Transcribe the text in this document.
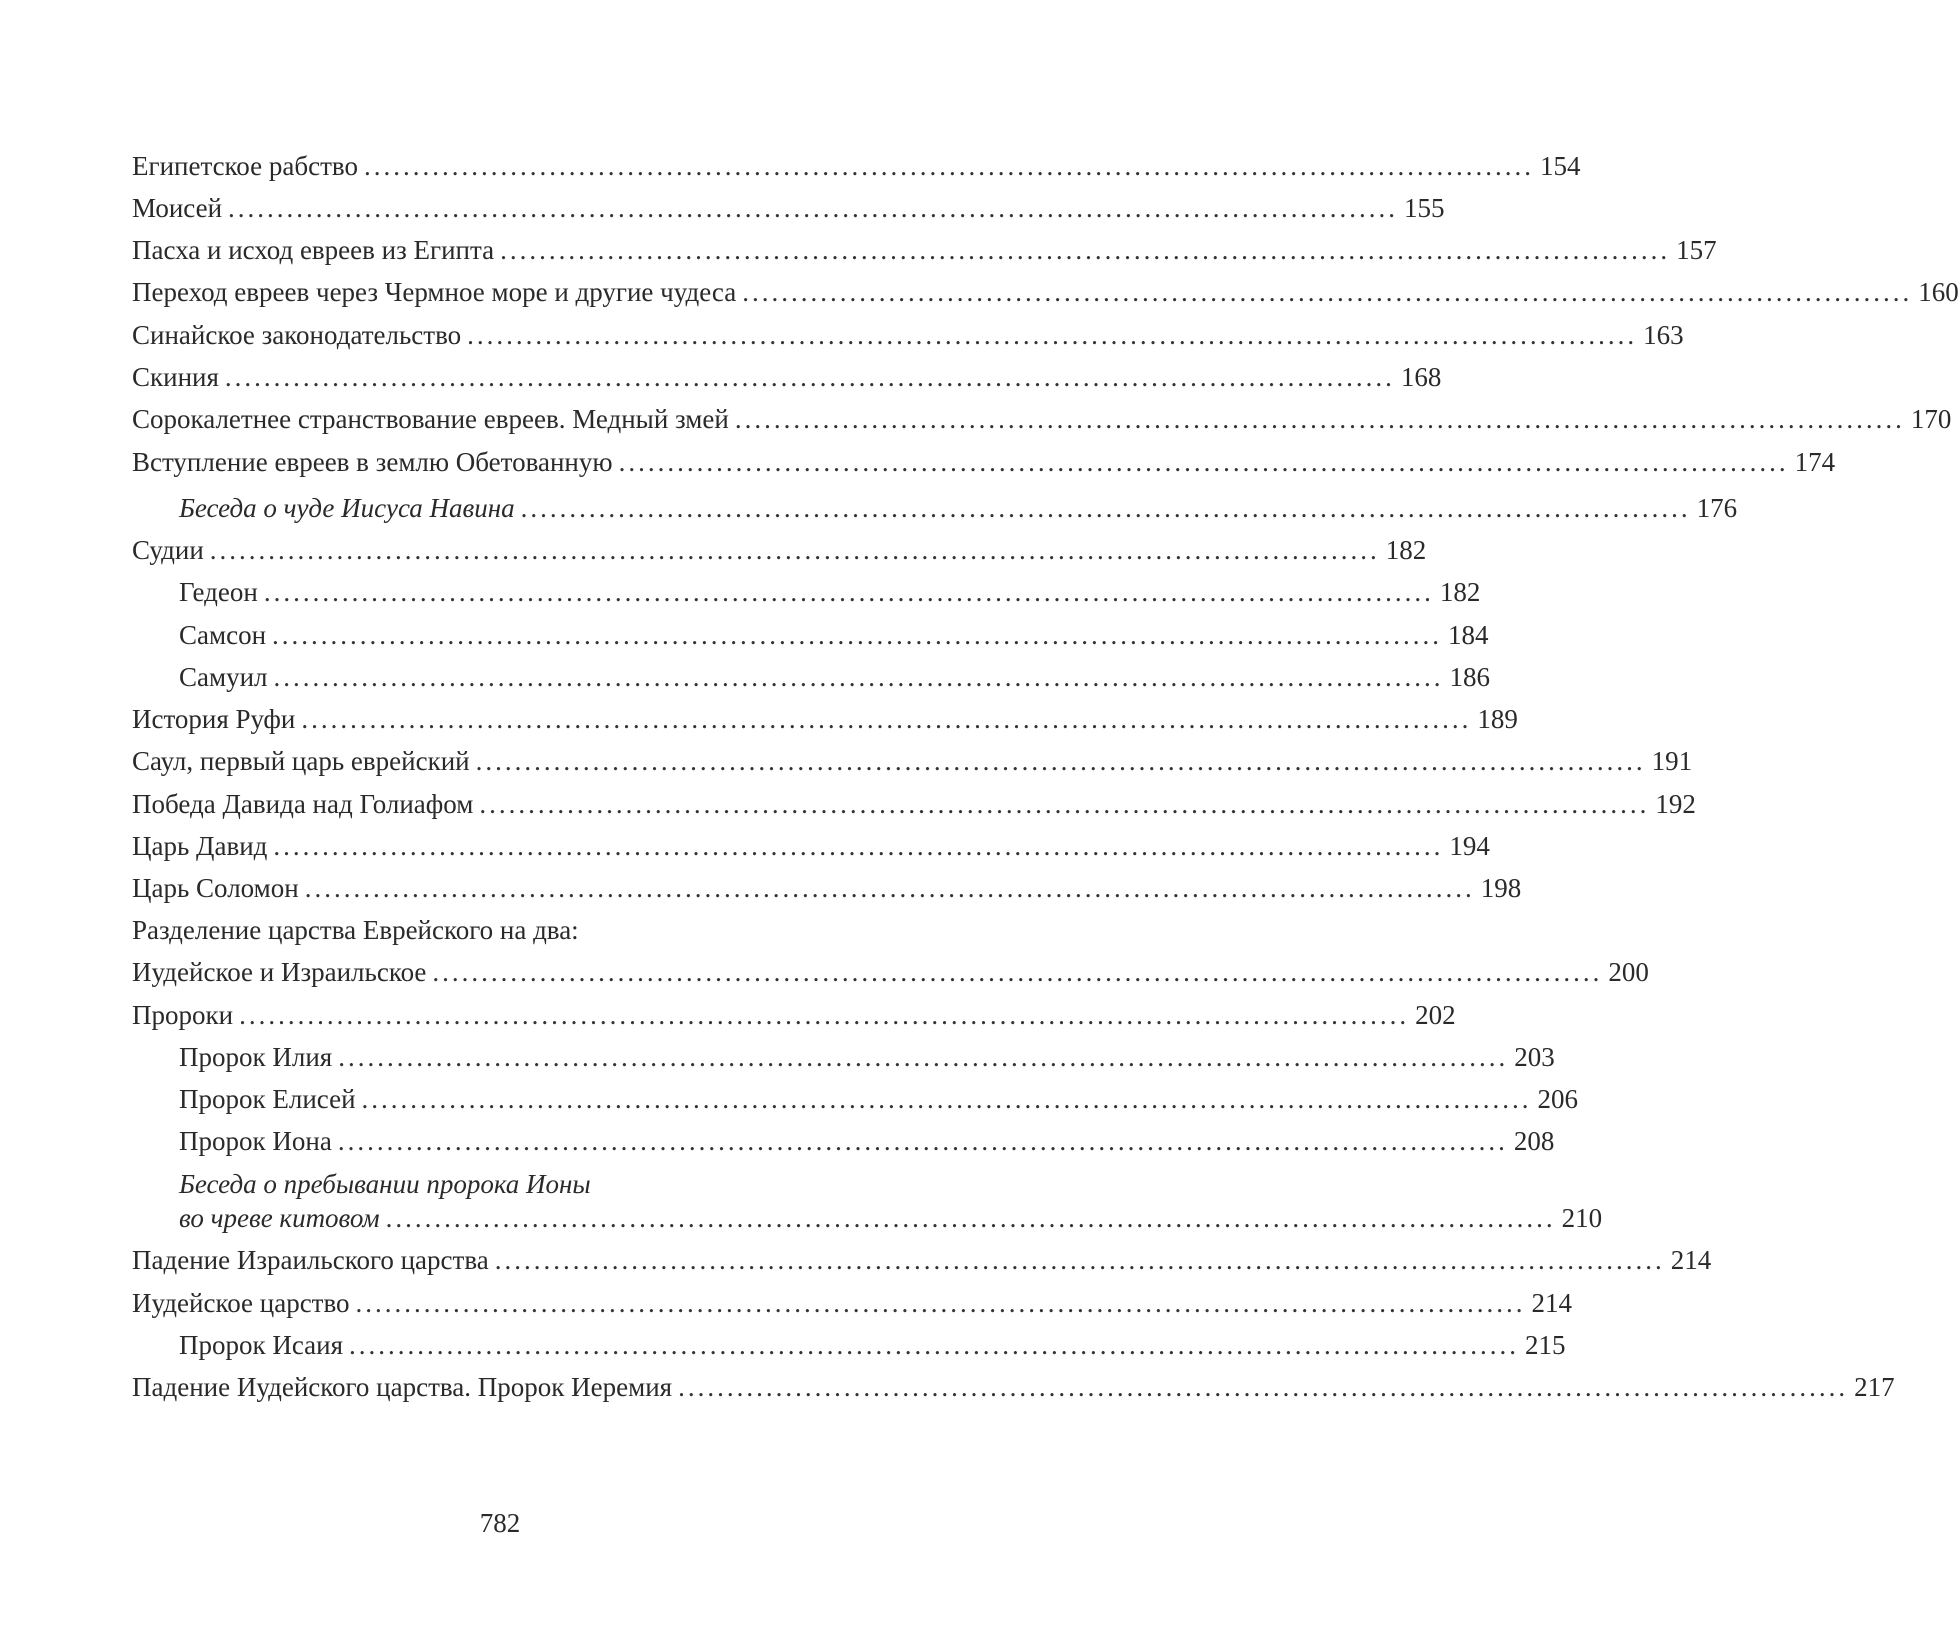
Египетское рабство ........................................................................................................................ 154
Моисей ........................................................................................................................ 155
Пасха и исход евреев из Египта ........................................................................................................................ 157
Переход евреев через Чермное море и другие чудеса ........................................................................................................................ 160
Синайское законодательство ........................................................................................................................ 163
Скиния ........................................................................................................................ 168
Сорокалетнее странствование евреев. Медный змей ........................................................................................................................ 170
Вступление евреев в землю Обетованную ........................................................................................................................ 174
Беседа о чуде Иисуса Навина ........................................................................................................................ 176
Судии ........................................................................................................................ 182
Гедеон ........................................................................................................................ 182
Самсон ........................................................................................................................ 184
Самуил ........................................................................................................................ 186
История Руфи ........................................................................................................................ 189
Саул, первый царь еврейский ........................................................................................................................ 191
Победа Давида над Голиафом ........................................................................................................................ 192
Царь Давид ........................................................................................................................ 194
Царь Соломон ........................................................................................................................ 198
Разделение царства Еврейского на два:
Иудейское и Израильское ........................................................................................................................ 200
Пророки ........................................................................................................................ 202
Пророк Илия ........................................................................................................................ 203
Пророк Елисей ........................................................................................................................ 206
Пророк Иона ........................................................................................................................ 208
Беседа о пребывании пророка Ионы
во чреве китовом ........................................................................................................................ 210
Падение Израильского царства ........................................................................................................................ 214
Иудейское царство ........................................................................................................................ 214
Пророк Исаия ........................................................................................................................ 215
Падение Иудейского царства. Пророк Иеремия ........................................................................................................................ 217
782
